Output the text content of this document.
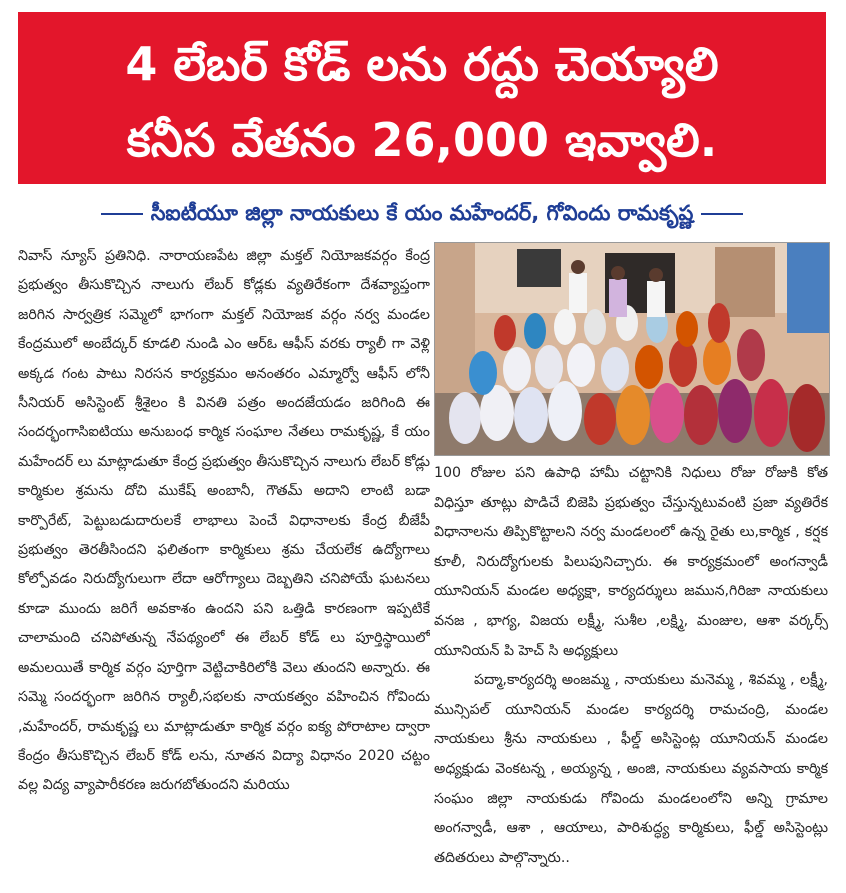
4 లేబర్ కోడ్ లను రద్దు చెయ్యాలి
కనీస వేతనం 26,000 ఇవ్వాలి.
సీఐటీయూ జిల్లా నాయకులు కే యం మహేందర్, గోవిందు రామకృష్ణ

నివాస్ న్యూస్ ప్రతినిధి. నారాయణపేట జిల్లా మక్తల్ నియోజకవర్గం కేంద్ర ప్రభుత్వం తీసుకొచ్చిన నాలుగు లేబర్ కోడ్లకు వ్యతిరేకంగా దేశవ్యాప్తంగా జరిగిన సార్వత్రిక సమ్మెలో భాగంగా మక్తల్ నియోజక వర్గం నర్వ మండల కేంద్రములో అంబేద్కర్ కూడలి నుండి ఎం ఆర్ఓ ఆఫీస్ వరకు ర్యాలీ గా వెళ్లి అక్కడ గంట పాటు నిరసన కార్యక్రమం అనంతరం ఎమ్మార్వో ఆఫీస్ లోనీ సీనియర్ అసిస్టెంట్ శ్రీశైలం కి వినతి పత్రం అందజేయడం జరిగింది ఈ సందర్భంగాసిఐటియు అనుబంధ కార్మిక సంఘాల నేతలు రామకృష్ణ, కే యం మహేందర్ లు మాట్లాడుతూ కేంద్ర ప్రభుత్వం తీసుకొచ్చిన నాలుగు లేబర్ కోడ్లు కార్మికుల శ్రమను దోచి ముకేష్ అంబానీ, గౌతమ్ అదాని లాంటి బడా కార్పొరేట్, పెట్టుబడుదారులకే లాభాలు పెంచే విధానాలకు కేంద్ర బీజేపీ ప్రభుత్వం తెరతీసిందని ఫలితంగా కార్మికులు శ్రమ చేయలేక ఉద్యోగాలు కోల్పోవడం నిరుద్యోగులుగా లేదా ఆరోగ్యాలు దెబ్బతిని చనిపోయే ఘటనలు కూడా ముందు జరిగే అవకాశం ఉందని పని ఒత్తిడి కారణంగా ఇప్పటికే చాలామంది చనిపోతున్న నేపథ్యంలో ఈ లేబర్ కోడ్ లు పూర్తిస్థాయిలో అమలయితే కార్మిక వర్గం పూర్తిగా వెట్టిచాకిరిలోకి వెలు తుందని అన్నారు. ఈ సమ్మె సందర్భంగా జరిగిన ర్యాలీ,సభలకు నాయకత్వం వహించిన గోవిందు ,మహేందర్, రామకృష్ణ లు మాట్లాడుతూ కార్మిక వర్గం ఐక్య పోరాటాల ద్వారా కేంద్రం తీసుకొచ్చిన లేబర్ కోడ్ లను, నూతన విద్యా విధానం 2020 చట్టం వల్ల విద్య వ్యాపారీకరణ జరుగబోతుందని మరియు

100 రోజుల పని ఉపాధి హామీ చట్టానికి నిధులు రోజు రోజుకి కోత విధిస్తూ తూట్లు పొడిచే బిజెపి ప్రభుత్వం చేస్తున్నటువంటి ప్రజా వ్యతిరేక విధానాలను తిప్పికొట్టాలని నర్వ మండలంలో ఉన్న రైతు లు,కార్మిక , కర్షక కూలీ, నిరుద్యోగులకు పిలుపునిచ్చారు. ఈ కార్యక్రమంలో అంగన్వాడీ యూనియన్ మండల అధ్యక్షా, కార్యదర్శులు జమున,గిరిజా నాయకులు వనజ , భాగ్య, విజయ లక్ష్మీ, సుశీల ,లక్ష్మి, మంజుల, ఆశా వర్కర్స్ యూనియన్ పి హెచ్ సి అధ్యక్షులు

పద్మా,కార్యదర్శి అంజమ్మ , నాయకులు మనెమ్మ , శివమ్మ , లక్ష్మీ, మున్సిపల్ యూనియన్ మండల కార్యదర్శి రామచంద్రి, మండల నాయకులు శ్రీను నాయకులు , ఫీల్డ్ అసిస్టెంట్ల యూనియన్ మండల అధ్యక్షుడు వెంకటన్న , అయ్యన్న , అంజి, నాయకులు వ్యవసాయ కార్మిక సంఘం జిల్లా నాయకుడు గోవిందు మండలంలోని అన్ని గ్రామాల అంగన్వాడీ, ఆశా , ఆయాలు, పారిశుద్ధ్య కార్మికులు, ఫీల్డ్ అసిస్టెంట్లు తదితరులు పాల్గొన్నారు..
